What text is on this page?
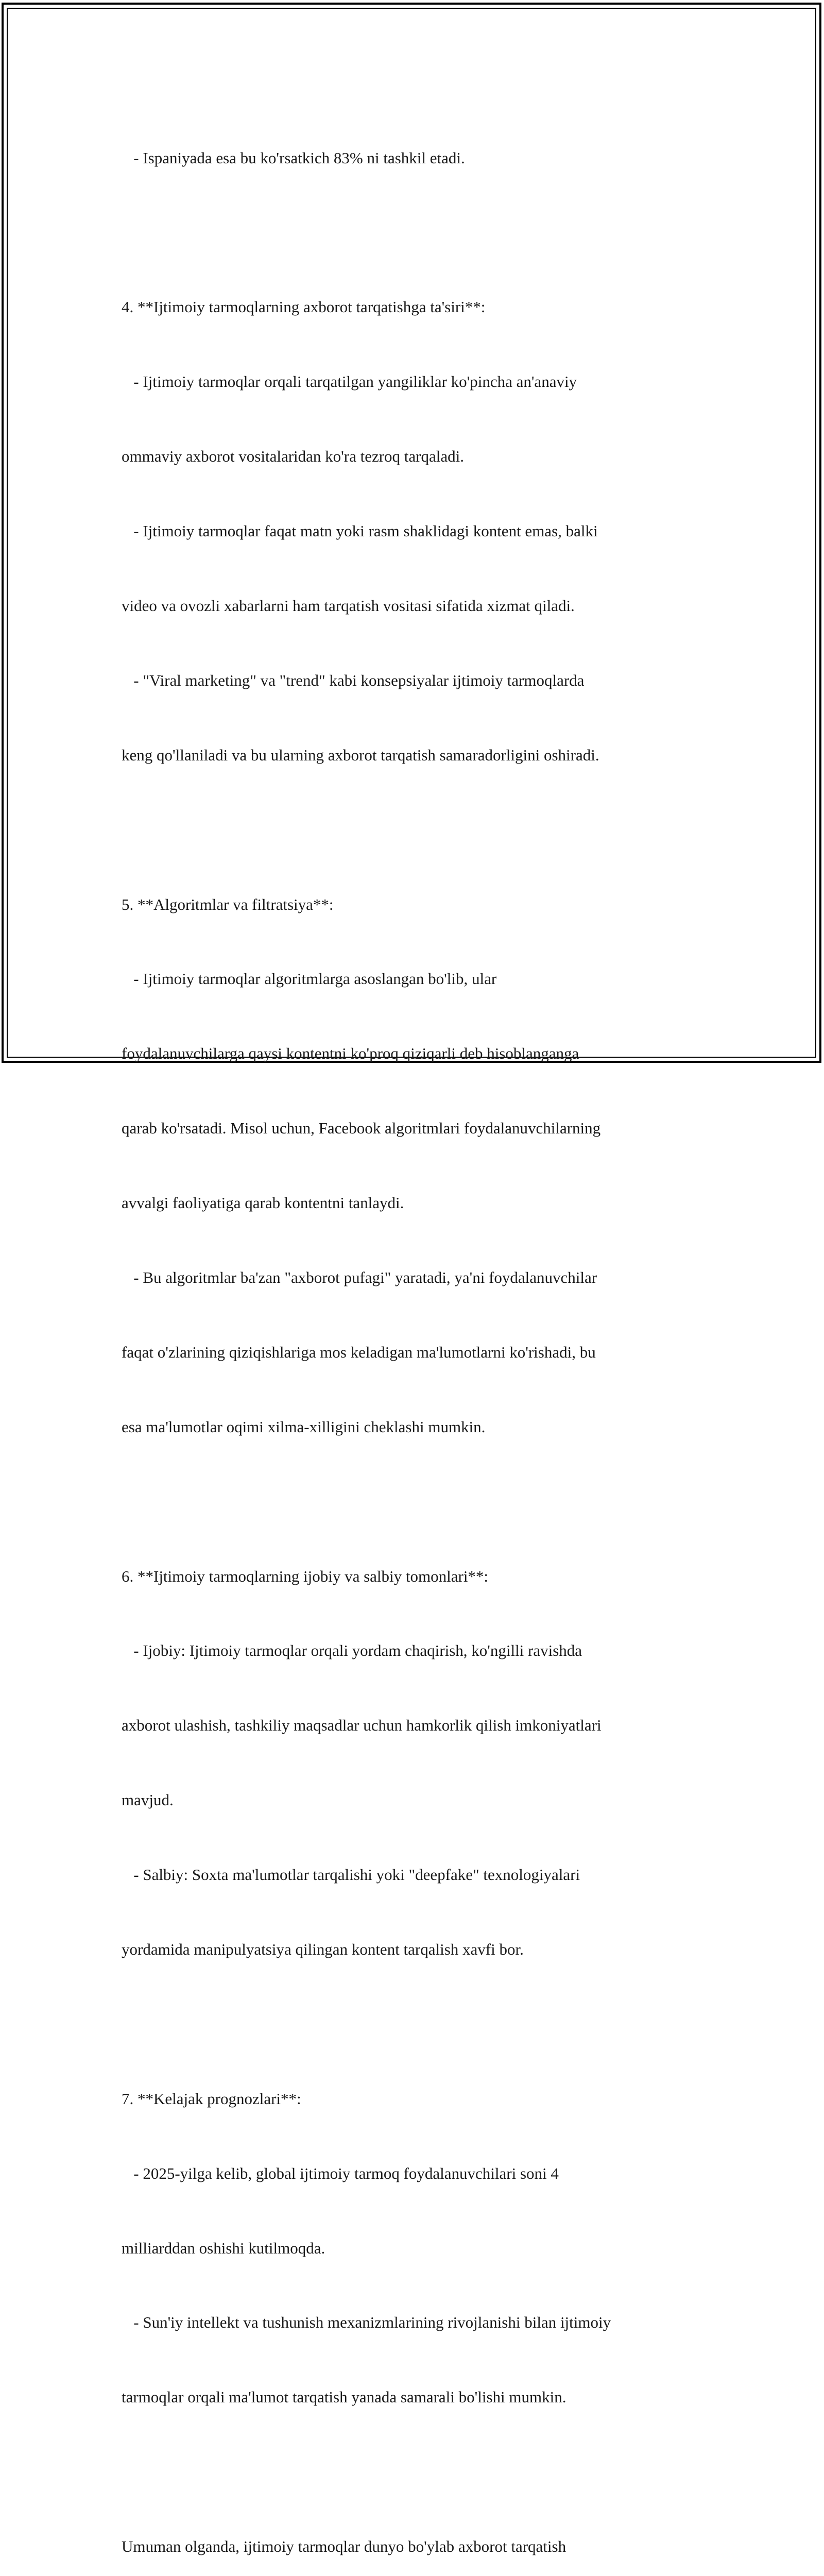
- Ispaniyada esa bu ko'rsatkich 83% ni tashkil etadi.

4. **Ijtimoiy tarmoqlarning axborot tarqatishga ta'siri**:

- Ijtimoiy tarmoqlar orqali tarqatilgan yangiliklar ko'pincha an'anaviy

ommaviy axborot vositalaridan ko'ra tezroq tarqaladi.

- Ijtimoiy tarmoqlar faqat matn yoki rasm shaklidagi kontent emas, balki

video va ovozli xabarlarni ham tarqatish vositasi sifatida xizmat qiladi.

- "Viral marketing" va "trend" kabi konsepsiyalar ijtimoiy tarmoqlarda

keng qo'llaniladi va bu ularning axborot tarqatish samaradorligini oshiradi.

5. **Algoritmlar va filtratsiya**:

- Ijtimoiy tarmoqlar algoritmlarga asoslangan bo'lib, ular

foydalanuvchilarga qaysi kontentni ko'proq qiziqarli deb hisoblanganga

qarab ko'rsatadi. Misol uchun, Facebook algoritmlari foydalanuvchilarning

avvalgi faoliyatiga qarab kontentni tanlaydi.

- Bu algoritmlar ba'zan "axborot pufagi" yaratadi, ya'ni foydalanuvchilar

faqat o'zlarining qiziqishlariga mos keladigan ma'lumotlarni ko'rishadi, bu

esa ma'lumotlar oqimi xilma-xilligini cheklashi mumkin.

6. **Ijtimoiy tarmoqlarning ijobiy va salbiy tomonlari**:

- Ijobiy: Ijtimoiy tarmoqlar orqali yordam chaqirish, ko'ngilli ravishda

axborot ulashish, tashkiliy maqsadlar uchun hamkorlik qilish imkoniyatlari

mavjud.

- Salbiy: Soxta ma'lumotlar tarqalishi yoki "deepfake" texnologiyalari

yordamida manipulyatsiya qilingan kontent tarqalish xavfi bor.

7. **Kelajak prognozlari**:

- 2025-yilga kelib, global ijtimoiy tarmoq foydalanuvchilari soni 4

milliarddan oshishi kutilmoqda.

- Sun'iy intellekt va tushunish mexanizmlarining rivojlanishi bilan ijtimoiy

tarmoqlar orqali ma'lumot tarqatish yanada samarali bo'lishi mumkin.

Umuman olganda, ijtimoiy tarmoqlar dunyo bo'ylab axborot tarqatish
